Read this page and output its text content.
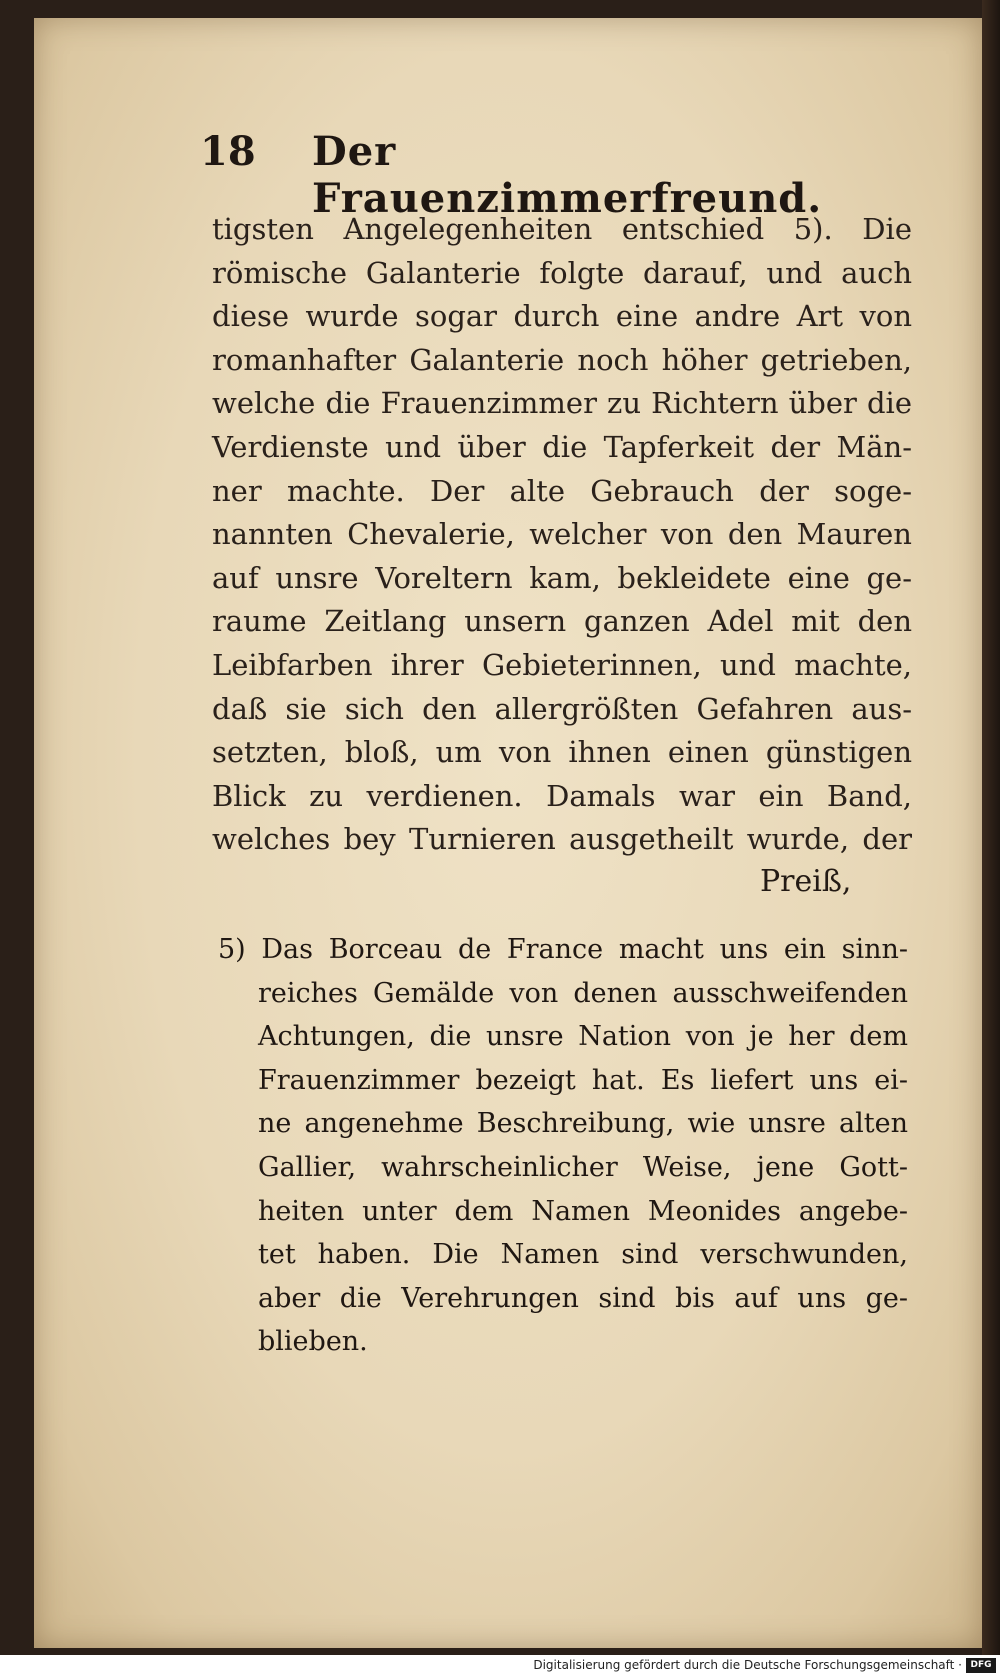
18 Der Frauenzimmerfreund.
tigsten Angelegenheiten entschied 5). Die
römische Galanterie folgte darauf, und auch
diese wurde sogar durch eine andre Art von
romanhafter Galanterie noch höher getrieben,
welche die Frauenzimmer zu Richtern über die
Verdienste und über die Tapferkeit der Män-
ner machte. Der alte Gebrauch der soge-
nannten Chevalerie, welcher von den Mauren
auf unsre Voreltern kam, bekleidete eine ge-
raume Zeitlang unsern ganzen Adel mit den
Leibfarben ihrer Gebieterinnen, und machte,
daß sie sich den allergrößten Gefahren aus-
setzten, bloß, um von ihnen einen günstigen
Blick zu verdienen. Damals war ein Band,
welches bey Turnieren ausgetheilt wurde, der
Preiß,
5) Das Borceau de France macht uns ein sinn-
reiches Gemälde von denen ausschweifenden
Achtungen, die unsre Nation von je her dem
Frauenzimmer bezeigt hat. Es liefert uns ei-
ne angenehme Beschreibung, wie unsre alten
Gallier, wahrscheinlicher Weise, jene Gott-
heiten unter dem Namen Meonides angebe-
tet haben. Die Namen sind verschwunden,
aber die Verehrungen sind bis auf uns ge-
blieben.
Digitalisierung gefördert durch die Deutsche Forschungsgemeinschaft · DFG
